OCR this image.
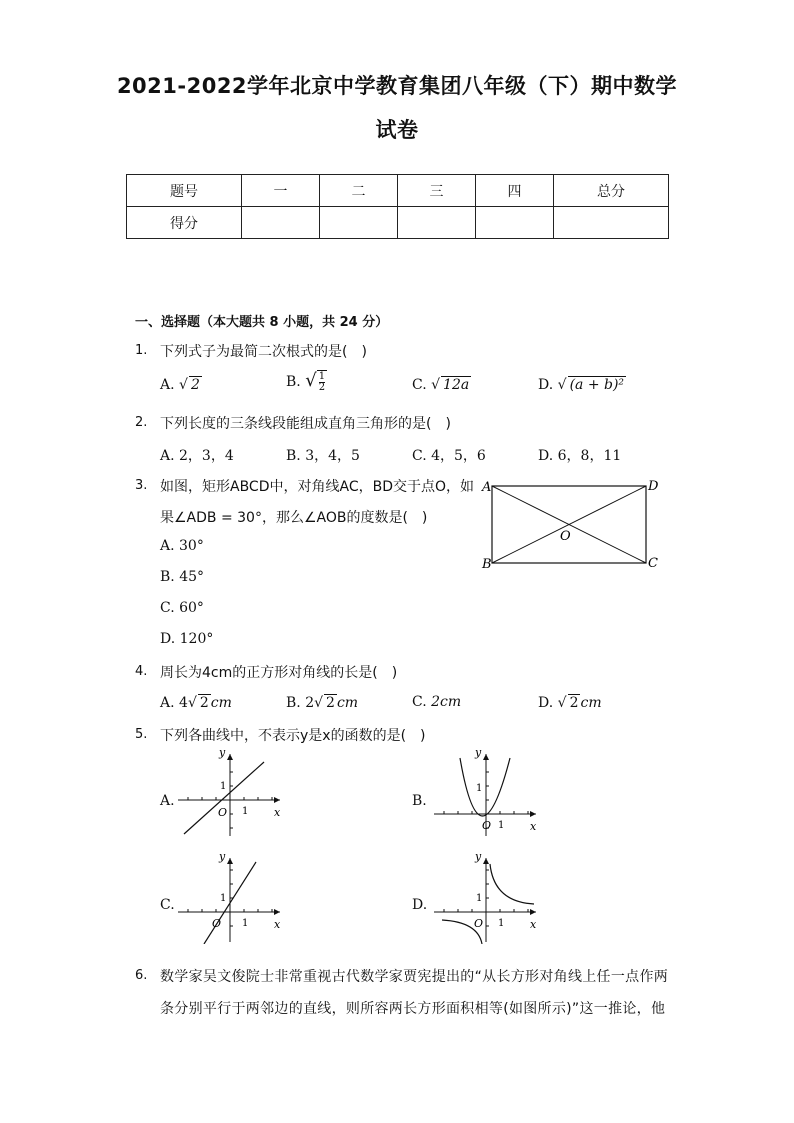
2021-2022学年北京中学教育集团八年级（下）期中数学
试卷
题号	一	二	三	四	总分
得分					
一、选择题（本大题共 8 小题，共 24 分）
1. 下列式子为最简二次根式的是(　)
A. √ 2	B. $√\frac{1}{2}$	C. √ 12a	D. √ (a + b)²
2. 下列长度的三条线段能组成直角三角形的是(　)
A. 2，3，4	B. 3，4，5	C. 4，5，6	D. 6，8，11
3. 如图，矩形ABCD中，对角线AC，BD交于点O，如
果∠ADB = 30°，那么∠AOB的度数是(　)
A. 30°
B. 45°
C. 60°
D. 120°
A	D
B	C
O
4. 周长为4cm的正方形对角线的长是(　)
A. 4√ 2 cm	B. 2√ 2 cm	C. 2cm	D. √ 2 cm
5. 下列各曲线中，不表示y是x的函数的是(　)
A.	B.
C.	D.
y
x
O
1
1
y
x
O
1
1
y
x
O
1
1
y
x
O
1
1
6. 数学家吴文俊院士非常重视古代数学家贾宪提出的“从长方形对角线上任一点作两
条分别平行于两邻边的直线，则所容两长方形面积相等(如图所示)”这一推论，他
